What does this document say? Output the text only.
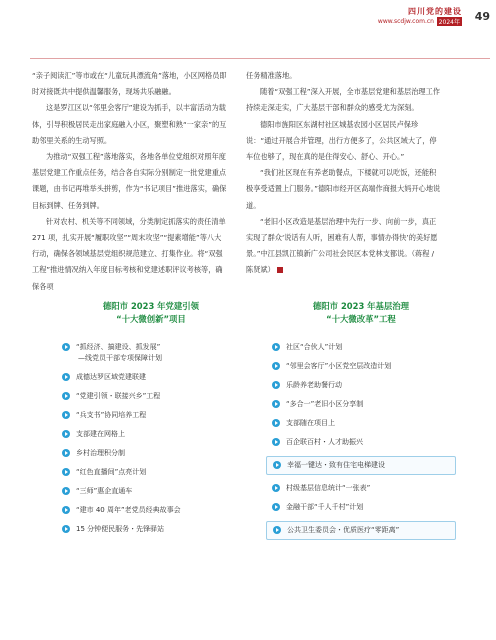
四川党的建设
www.scdjw.com.cn 2024年 49

“亲子阅读汇”等市或在“儿童玩具漂流角”落地，小区网格员即时对接既共中提供温馨服务，现场共乐融融。

这是罗江区以“邻里会客厅”建设为抓手，以丰富活动为载体，引导积极居民走出家庭融入小区，聚塑和熟“一家亲”的互助邻里关系的生动写照。

为推动“双强工程”落地落实，各地各单位党组织对照年度基层党建工作重点任务，结合各自实际分别制定一批党建重点课题，由书记再堆举头拼剪，作为“书记项目”推进落实，确保目标到牌、任务到牌。

针对农村、机关等不同领域，分类制定抓落实的责任清单 271 项，扎实开展“履职攻坚”“周末攻坚”“提素增能”等八大行动，确保各领域基层党组织规范建立、打集作业。将“双强工程”推进情况纳入年度目标考核和党建述职评议考核等，确保各项

任务精准落地。

随着“双强工程”深入开展，全市基层党建和基层治理工作持续走深走实，广大基层干部和群众的感受尤为深刻。

德阳市旌阳区东湖村社区城基农园小区居民卢保珍说：“通过开展合并管理，出行方便多了，公共区域大了，停车位也够了，现在真的是住得安心、舒心、开心。”

“我们社区现在有养老助餐点，下楼就可以吃饭，还能积极享受适置上门服务。”德阳市经开区高端作商报大妈开心地说道。

“老旧小区改造是基层治理中先行一步、向前一步，真正实现了群众‘说话有人听，困难有人帮，事情办得快’的美好愿景。”中江县凯江镇新广公司社会民区本党林支都说。（蒋程 / 陈贤斌）

德阳市 2023 年党建引领
“十大微创新”项目
“抓经济、搞建设、抓发展”
—线党员干部专项保障计划
成德达罗区域党建联建
“党建引领・联接兴乡”工程
“兵支书”协同培养工程
支部建在网格上
乡村治理积分制
“红色直播间”点亮计划
“三师”惠企直通车
“建市 40 周年”老党员经典故事会
15 分钟便民服务・先锋驿站
德阳市 2023 年基层治理
“十大微改革”工程
社区“合伙人”计划
“邻里会客厅”小区党空层改造计划
乐龄养老助餐行动
“多合一”老旧小区分享制
支部随在项目上
百企联百村・人才助振兴
幸福一键达・致有住宅电梯建设
村级基层信息统计“一张表”
金融干部“千人千村”计划
公共卫生委员会・优质医疗“零距离”
